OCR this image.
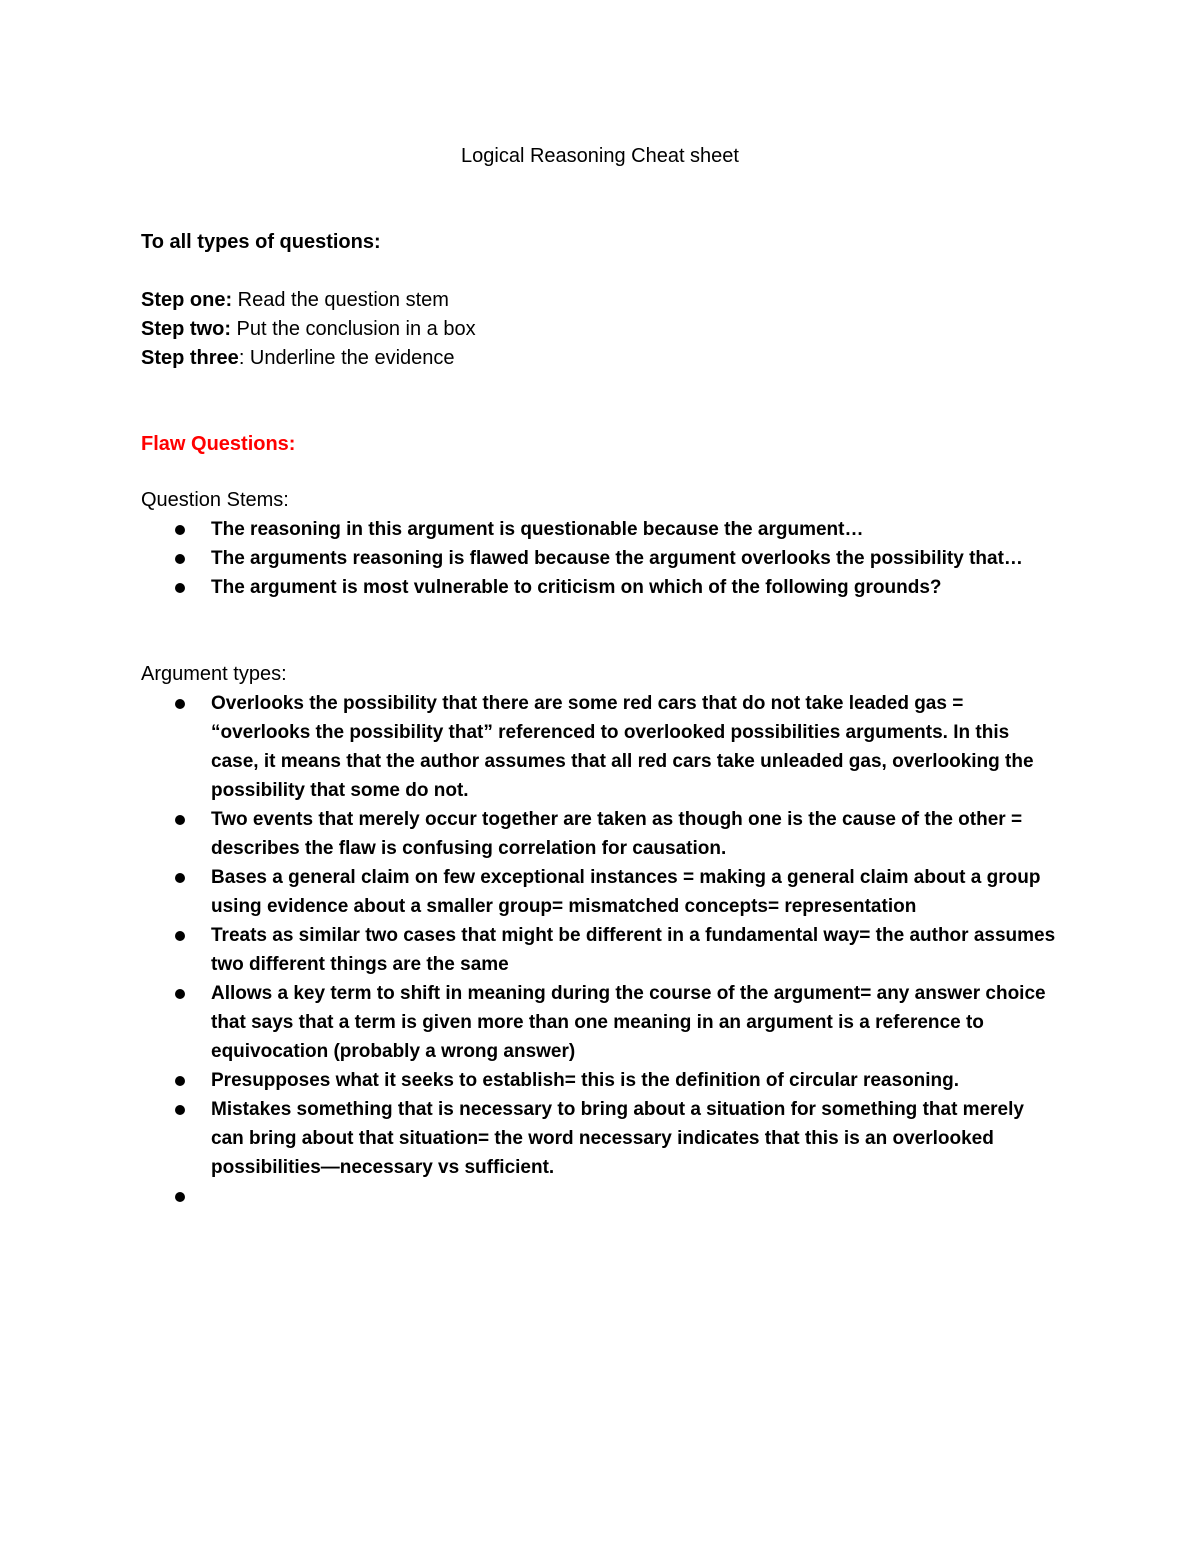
Logical Reasoning Cheat sheet

To all types of questions:

Step one: Read the question stem

Step two: Put the conclusion in a box

Step three: Underline the evidence

Flaw Questions:

Question Stems:

The reasoning in this argument is questionable because the argument…
The arguments reasoning is flawed because the argument overlooks the possibility that…
The argument is most vulnerable to criticism on which of the following grounds?

Argument types:

Overlooks the possibility that there are some red cars that do not take leaded gas = “overlooks the possibility that” referenced to overlooked possibilities arguments. In this case, it means that the author assumes that all red cars take unleaded gas, overlooking the possibility that some do not.
Two events that merely occur together are taken as though one is the cause of the other = describes the flaw is confusing correlation for causation.
Bases a general claim on few exceptional instances = making a general claim about a group using evidence about a smaller group= mismatched concepts= representation
Treats as similar two cases that might be different in a fundamental way= the author assumes two different things are the same
Allows a key term to shift in meaning during the course of the argument= any answer choice that says that a term is given more than one meaning in an argument is a reference to equivocation (probably a wrong answer)
Presupposes what it seeks to establish= this is the definition of circular reasoning.
Mistakes something that is necessary to bring about a situation for something that merely can bring about that situation= the word necessary indicates that this is an overlooked possibilities—necessary vs sufficient.
